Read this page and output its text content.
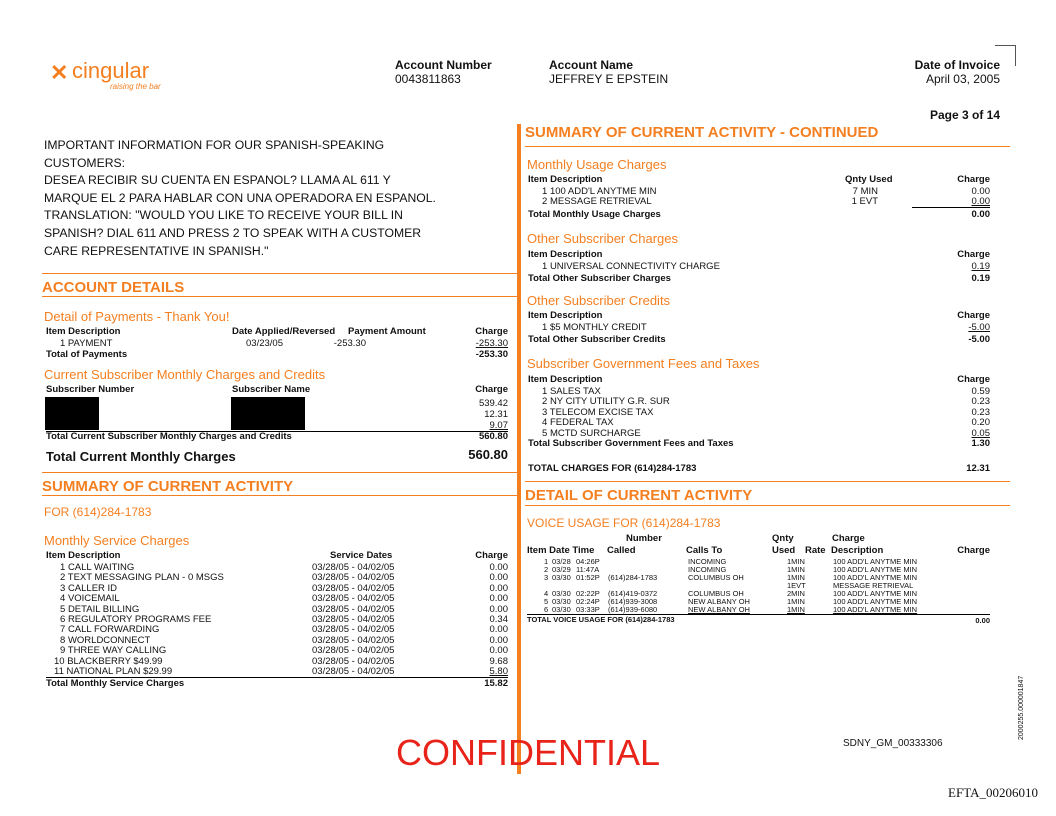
✕ cingular
raising the bar
Account Number
0043811863
Account Name
JEFFREY E EPSTEIN
Date of Invoice
April 03, 2005
Page 3 of 14
IMPORTANT INFORMATION FOR OUR SPANISH-SPEAKING
CUSTOMERS:
DESEA RECIBIR SU CUENTA EN ESPANOL? LLAMA AL 611 Y
MARQUE EL 2 PARA HABLAR CON UNA OPERADORA EN ESPANOL.
TRANSLATION: "WOULD YOU LIKE TO RECEIVE YOUR BILL IN
SPANISH? DIAL 611 AND PRESS 2 TO SPEAK WITH A CUSTOMER
CARE REPRESENTATIVE IN SPANISH."
ACCOUNT DETAILS
Detail of Payments - Thank You!
Item Description	Date Applied/Reversed Payment Amount	Charge
1 PAYMENT	03/23/05	-253.30	-253.30
Total of Payments	-253.30
Current Subscriber Monthly Charges and Credits
Subscriber Number	Subscriber Name	Charge
539.42
12.31
9.07
Total Current Subscriber Monthly Charges and Credits	560.80
Total Current Monthly Charges	560.80
SUMMARY OF CURRENT ACTIVITY
FOR (614)284-1783
Monthly Service Charges
Item Description	Service Dates	Charge
1 CALL WAITING	03/28/05 - 04/02/05	0.00
2 TEXT MESSAGING PLAN - 0 MSGS	03/28/05 - 04/02/05	0.00
3 CALLER ID	03/28/05 - 04/02/05	0.00
4 VOICEMAIL	03/28/05 - 04/02/05	0.00
5 DETAIL BILLING	03/28/05 - 04/02/05	0.00
6 REGULATORY PROGRAMS FEE	03/28/05 - 04/02/05	0.34
7 CALL FORWARDING	03/28/05 - 04/02/05	0.00
8 WORLDCONNECT	03/28/05 - 04/02/05	0.00
9 THREE WAY CALLING	03/28/05 - 04/02/05	0.00
10 BLACKBERRY $49.99	03/28/05 - 04/02/05	9.68
11 NATIONAL PLAN $29.99	03/28/05 - 04/02/05	5.80
Total Monthly Service Charges	15.82
SUMMARY OF CURRENT ACTIVITY - CONTINUED
Monthly Usage Charges
Item Description	Qnty Used	Charge
1 100 ADD'L ANYTME MIN	7 MIN	0.00
2 MESSAGE RETRIEVAL	1 EVT	0.00
Total Monthly Usage Charges	0.00
Other Subscriber Charges
Item Description	Charge
1 UNIVERSAL CONNECTIVITY CHARGE	0.19
Total Other Subscriber Charges	0.19
Other Subscriber Credits
Item Description	Charge
1 $5 MONTHLY CREDIT	-5.00
Total Other Subscriber Credits	-5.00
Subscriber Government Fees and Taxes
Item Description	Charge
1 SALES TAX	0.59
2 NY CITY UTILITY G.R. SUR	0.23
3 TELECOM EXCISE TAX	0.23
4 FEDERAL TAX	0.20
5 MCTD SURCHARGE	0.05
Total Subscriber Government Fees and Taxes	1.30
TOTAL CHARGES FOR (614)284-1783	12.31
DETAIL OF CURRENT ACTIVITY
VOICE USAGE FOR (614)284-1783
Number	Qnty	Charge
Item Date Time Called	Calls To	Used Rate Description	Charge
1 03/28 04:26P	INCOMING	1MIN	100 ADD'L ANYTME MIN
2 03/29 11:47A	INCOMING	1MIN	100 ADD'L ANYTME MIN
3 03/30 01:52P (614)284-1783	COLUMBUS OH	1MIN	100 ADD'L ANYTME MIN
1EVT	MESSAGE RETRIEVAL
4 03/30 02:22P (614)419-0372	COLUMBUS OH	2MIN	100 ADD'L ANYTME MIN
5 03/30 02:24P (614)939-3008	NEW ALBANY OH	1MIN	100 ADD'L ANYTME MIN
6 03/30 03:33P (614)939-6080	NEW ALBANY OH	1MIN	100 ADD'L ANYTME MIN
TOTAL VOICE USAGE FOR (614)284-1783	0.00
CONFIDENTIAL	SDNY_GM_00333306
2000255.000001847
EFTA_00206010
